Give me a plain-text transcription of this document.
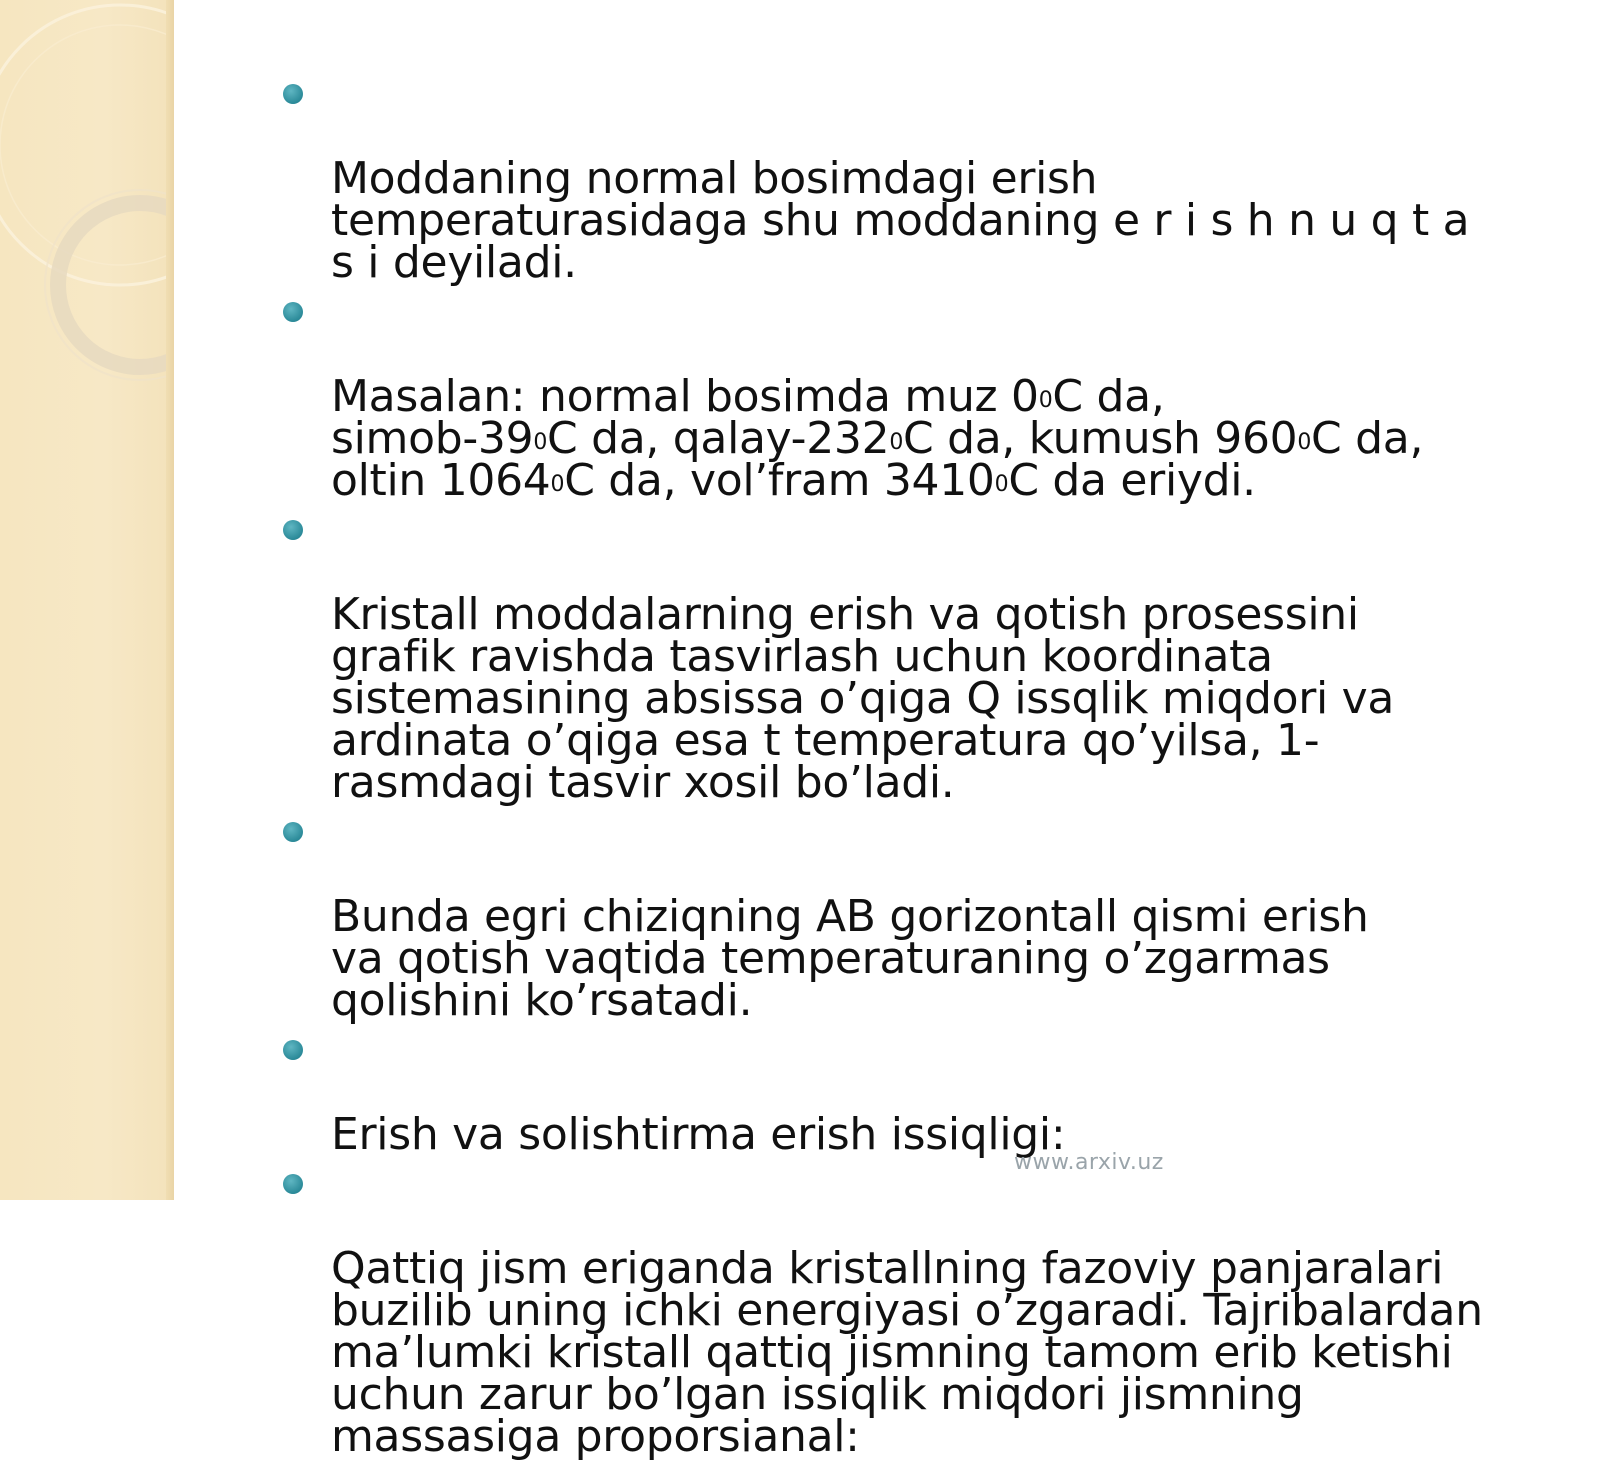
Moddaning normal bosimdagi erish
temperaturasidaga shu moddaning e r i s h n u q t a
s i deyiladi.

Masalan: normal bosimda muz $0^0C$ da,
simob-$39^0C$ da, qalay-$232^0C$ da, kumush $960^0C$ da,
oltin 1064$^0$C da, vol’fram 3410$^0$C da eriydi.

Kristall moddalarning erish va qotish prosessini
grafik ravishda tasvirlash uchun koordinata
sistemasining absissa o’qiga Q issqlik miqdori va
ardinata o’qiga esa t temperatura qo’yilsa, 1-
rasmdagi tasvir xosil bo’ladi.

Bunda egri chiziqning AB gorizontall qismi erish
va qotish vaqtida temperaturaning o’zgarmas
qolishini ko’rsatadi.

Erish va solishtirma erish issiqligi:

Qattiq jism eriganda kristallning fazoviy panjaralari
buzilib uning ichki energiyasi o’zgaradi. Tajribalardan
ma’lumki kristall qattiq jismning tamom erib ketishi
uchun zarur bo’lgan issiqlik miqdori jismning
massasiga proporsianal:

www.arxiv.uz
